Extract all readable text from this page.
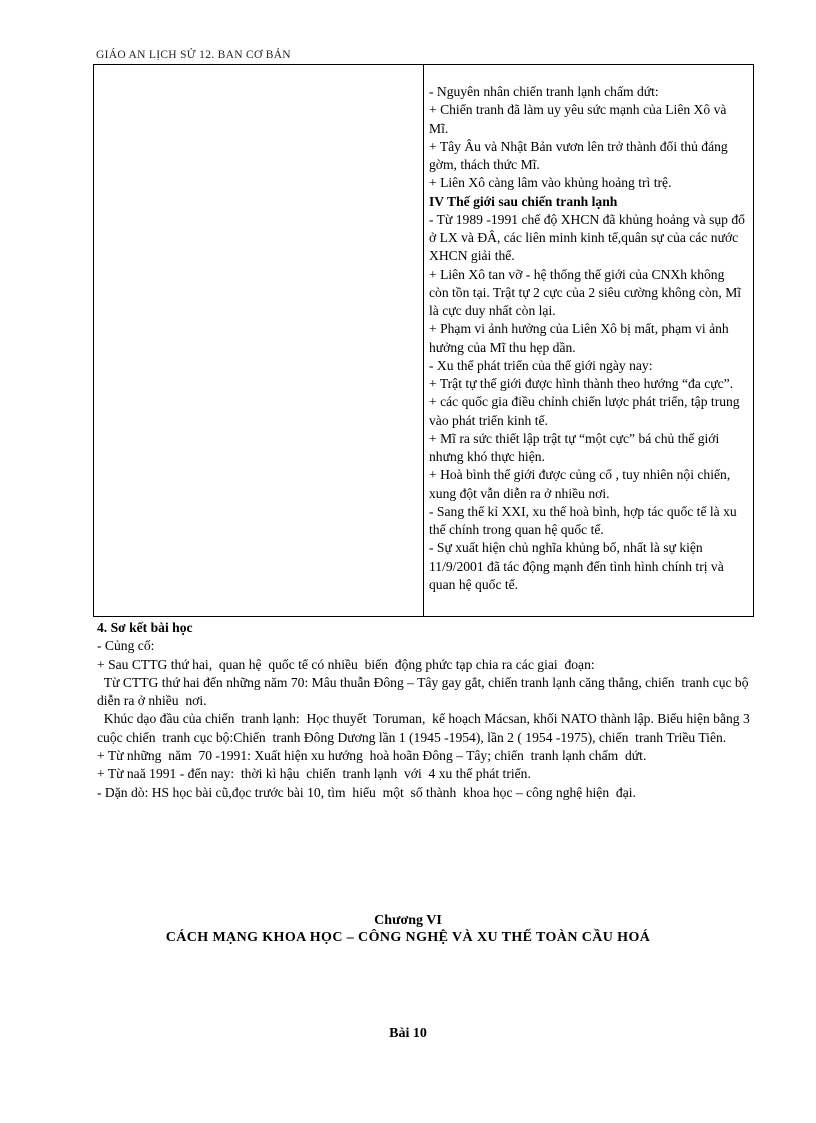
GIÁO AN LỊCH SỬ 12. BAN CƠ BẢN

- Nguyên nhân chiến tranh lạnh chấm dứt:

+ Chiến tranh đã làm uy yêu sức mạnh của Liên Xô và Mĩ.

+ Tây Âu và Nhật Bản vươn lên trở thành đối thủ đáng gờm, thách thức Mĩ.

+ Liên Xô càng lâm vào khủng hoảng trì trệ.

IV Thế giới sau chiến tranh lạnh

- Từ 1989 -1991 chế độ XHCN đã khủng hoảng và sụp đổ ở LX và ĐÂ, các liên minh kinh tế,quân sự của các nước XHCN giải thể.

+ Liên Xô tan vỡ - hệ thống thế giới của CNXh không còn tồn tại. Trật tự 2 cực của 2 siêu cường không còn, Mĩ là cực duy nhất còn lại.

+ Phạm vi ảnh hưởng của Liên Xô bị mất, phạm vi ảnh hưởng của Mĩ thu hẹp dần.

- Xu thế phát triển của thế giới ngày nay:

+ Trật tự thế giới được hình thành theo hướng “đa cực”.

+ các quốc gia điều chỉnh chiến lược phát triển, tập trung vào phát triển kinh tế.

+ Mĩ ra sức thiết lập trật tự “một cực” bá chủ thế giới nhưng khó thực hiện.

+ Hoà bình thế giới được củng cố , tuy nhiên nội chiến, xung đột vẫn diễn ra ở nhiều nơi.

- Sang thế kỉ XXI, xu thế hoà bình, hợp tác quốc tế là xu thế chính trong quan hệ quốc tế.

- Sự xuất hiện chủ nghĩa khủng bố, nhất là sự kiện 11/9/2001 đã tác động mạnh đến tình hình chính trị và quan hệ quốc tế.

4. Sơ kết bài học

- Củng cố:

+ Sau CTTG thứ hai,  quan hệ  quốc tế có nhiều  biến  động phức tạp chia ra các giai  đoạn:

Từ CTTG thứ hai đến những năm 70: Mâu thuẫn Đông – Tây gay gắt, chiến tranh lạnh căng thẳng, chiến  tranh cục bộ diễn ra ở nhiều  nơi.

Khúc dạo đầu của chiến  tranh lạnh:  Học thuyết  Toruman,  kế hoạch Mácsan, khối NATO thành lập. Biểu hiện bằng 3 cuộc chiến  tranh cục bộ:Chiến  tranh Đông Dương lần 1 (1945 -1954), lần 2 ( 1954 -1975), chiến  tranh Triều Tiên.

+ Từ những  năm  70 -1991: Xuất hiện xu hướng  hoà hoãn Đông – Tây; chiến  tranh lạnh chấm  dứt.

+ Từ naă 1991 - đến nay:  thời kì hậu  chiến  tranh lạnh  với  4 xu thế phát triển.

- Dặn dò: HS học bài cũ,đọc trước bài 10, tìm  hiểu  một  số thành  khoa học – công nghệ hiện  đại.

Chương VI
CÁCH MẠNG KHOA HỌC – CÔNG NGHỆ VÀ XU THẾ TOÀN CẦU HOÁ
Bài 10
